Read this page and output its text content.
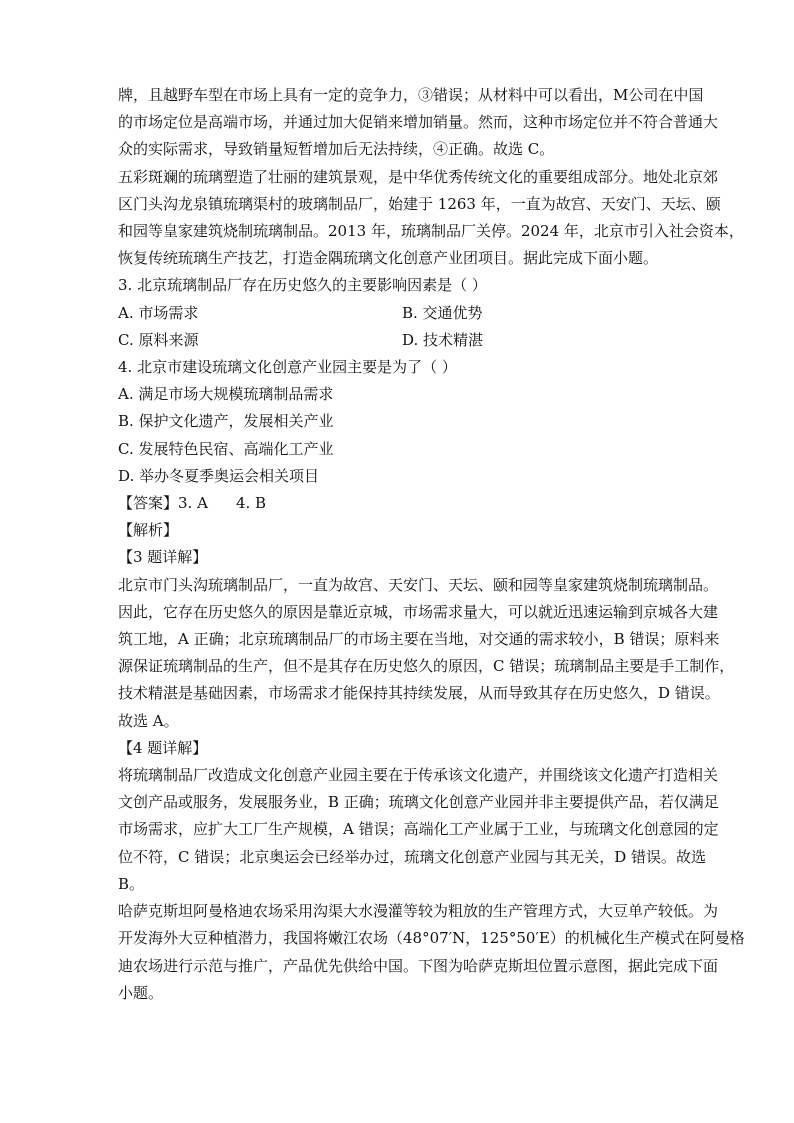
牌，且越野车型在市场上具有一定的竞争力，③错误；从材料中可以看出，M公司在中国
的市场定位是高端市场，并通过加大促销来增加销量。然而，这种市场定位并不符合普通大
众的实际需求，导致销量短暂增加后无法持续，④正确。故选 C。
五彩斑斓的琉璃塑造了壮丽的建筑景观，是中华优秀传统文化的重要组成部分。地处北京郊
区门头沟龙泉镇琉璃渠村的玻璃制品厂，始建于 1263 年，一直为故宫、天安门、天坛、颐
和园等皇家建筑烧制琉璃制品。2013 年，琉璃制品厂关停。2024 年，北京市引入社会资本，
恢复传统琉璃生产技艺，打造金隅琉璃文化创意产业团项目。据此完成下面小题。
3. 北京琉璃制品厂存在历史悠久的主要影响因素是（ ）
A. 市场需求	B. 交通优势
C. 原料来源	D. 技术精湛
4. 北京市建设琉璃文化创意产业园主要是为了（ ）
A. 满足市场大规模琉璃制品需求
B. 保护文化遗产，发展相关产业
C. 发展特色民宿、高端化工产业
D. 举办冬夏季奥运会相关项目
【答案】3. A 4. B
【解析】
【3 题详解】
北京市门头沟琉璃制品厂，一直为故宫、天安门、天坛、颐和园等皇家建筑烧制琉璃制品。
因此，它存在历史悠久的原因是靠近京城，市场需求量大，可以就近迅速运输到京城各大建
筑工地，A 正确；北京琉璃制品厂的市场主要在当地，对交通的需求较小，B 错误；原料来
源保证琉璃制品的生产，但不是其存在历史悠久的原因，C 错误；琉璃制品主要是手工制作，
技术精湛是基础因素，市场需求才能保持其持续发展，从而导致其存在历史悠久，D 错误。
故选 A。
【4 题详解】
将琉璃制品厂改造成文化创意产业园主要在于传承该文化遗产，并围绕该文化遗产打造相关
文创产品或服务，发展服务业，B 正确；琉璃文化创意产业园并非主要提供产品，若仅满足
市场需求，应扩大工厂生产规模，A 错误；高端化工产业属于工业，与琉璃文化创意园的定
位不符，C 错误；北京奥运会已经举办过，琉璃文化创意产业园与其无关，D 错误。故选
B。
哈萨克斯坦阿曼格迪农场采用沟渠大水漫灌等较为粗放的生产管理方式，大豆单产较低。为
开发海外大豆种植潜力，我国将嫩江农场（48°07′N，125°50′E）的机械化生产模式在阿曼格
迪农场进行示范与推广，产品优先供给中国。下图为哈萨克斯坦位置示意图，据此完成下面
小题。
